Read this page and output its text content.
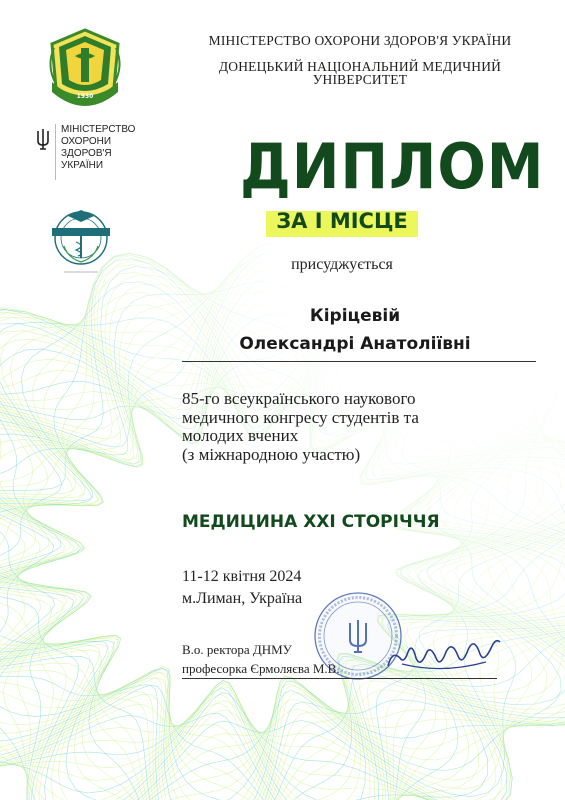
МІНІСТЕРСТВО ОХОРОНИ ЗДОРОВ'Я УКРАЇНИ
ДОНЕЦЬКИЙ НАЦІОНАЛЬНИЙ МЕДИЧНИЙ
УНІВЕРСИТЕТ
1930
МІНІСТЕРСТВО
ОХОРОНИ
ЗДОРОВ'Я
УКРАЇНИ	ДИПЛОМ
ЗА І МІСЦЕ
присуджується
Кіріцевій
Олександрі Анатоліївні
85-го всеукраїнського наукового
медичного конгресу студентів та
молодих вчених
(з міжнародною участю)
МЕДИЦИНА XXI СТОРІЧЧЯ
11-12 квітня 2024
м.Лиман, Україна
В.о. ректора ДНМУ
професорка Єрмоляєва М.В.
